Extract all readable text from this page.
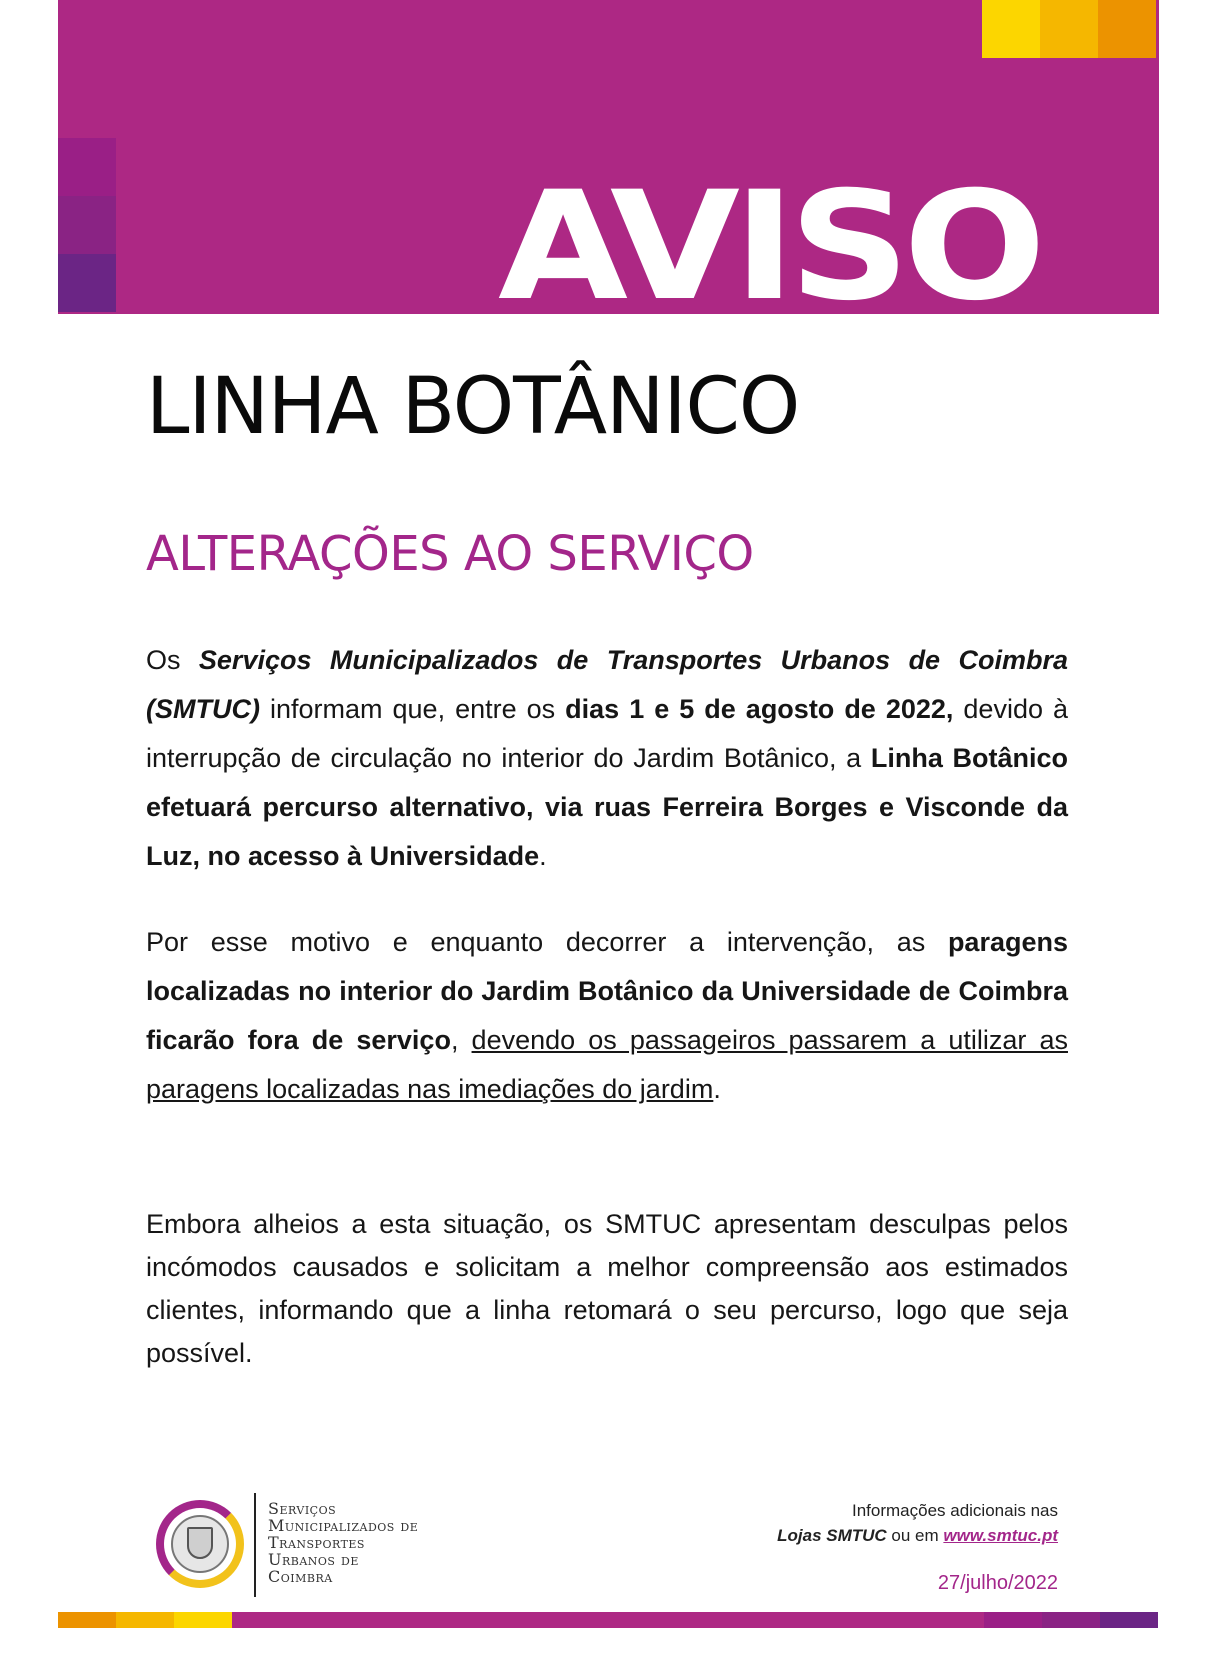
AVISO
LINHA BOTÂNICO
ALTERAÇÕES AO SERVIÇO
Os Serviços Municipalizados de Transportes Urbanos de Coimbra (SMTUC) informam que, entre os dias 1 e 5 de agosto de 2022, devido à interrupção de circulação no interior do Jardim Botânico, a Linha Botânico efetuará percurso alternativo, via ruas Ferreira Borges e Visconde da Luz, no acesso à Universidade.
Por esse motivo e enquanto decorrer a intervenção, as paragens localizadas no interior do Jardim Botânico da Universidade de Coimbra ficarão fora de serviço, devendo os passageiros passarem a utilizar as paragens localizadas nas imediações do jardim.
Embora alheios a esta situação, os SMTUC apresentam desculpas pelos incómodos causados e solicitam a melhor compreensão aos estimados clientes, informando que a linha retomará o seu percurso, logo que seja possível.
Serviços
Municipalizados de
Transportes
Urbanos de
Coimbra
Informações adicionais nas
Lojas SMTUC ou em www.smtuc.pt
27/julho/2022
